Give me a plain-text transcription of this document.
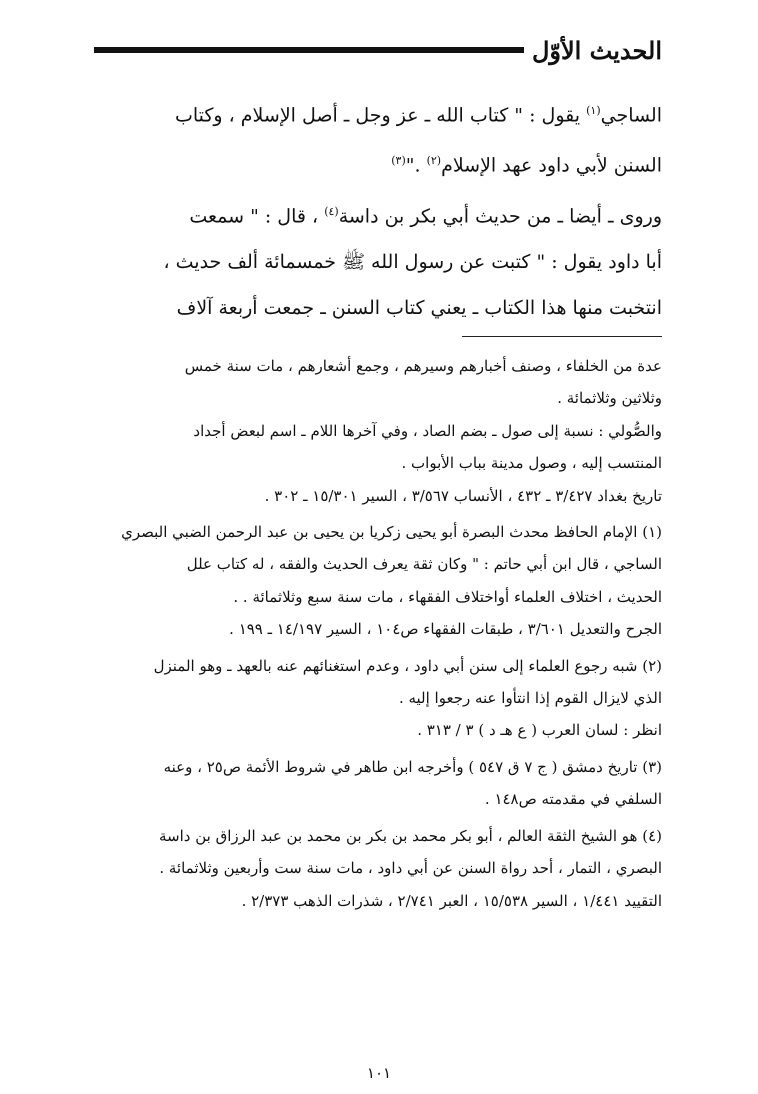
الحديث الأوّل

الساجي$^{(١)}$ يقول : " كتاب الله ـ عز وجل ـ أصل الإسلام ، وكتاب

السنن لأبي داود عهد الإسلام$^{(٢)}$ ."$^{(٣)}$

وروى ـ أيضا ـ من حديث أبي بكر بن داسة$^{(٤)}$ ، قال : " سمعت

أبا داود يقول : " كتبت عن رسول الله ﷺ خمسمائة ألف حديث ،

انتخبت منها هذا الكتاب ـ يعني كتاب السنن ـ جمعت أربعة آلاف

عدة من الخلفاء ، وصنف أخبارهم وسيرهم ، وجمع أشعارهم ، مات سنة خمس

وثلاثين وثلاثمائة .

والصُّولي : نسبة إلى صول ـ بضم الصاد ، وفي آخرها اللام ـ اسم لبعض أجداد

المنتسب إليه ، وصول مدينة بباب الأبواب .

تاريخ بغداد ٣/٤٢٧ ـ ٤٣٢ ، الأنساب ٣/٥٦٧ ، السير ١٥/٣٠١ ـ ٣٠٢ .

(١) الإمام الحافظ محدث البصرة أبو يحيى زكريا بن يحيى بن عبد الرحمن الضبي البصري

الساجي ، قال ابن أبي حاتم : " وكان ثقة يعرف الحديث والفقه ، له كتاب علل

الحديث ، اختلاف العلماء أواختلاف الفقهاء ، مات سنة سبع وثلاثمائة . .

الجرح والتعديل ٣/٦٠١ ، طبقات الفقهاء ص١٠٤ ، السير ١٤/١٩٧ ـ ١٩٩ .

(٢) شبه رجوع العلماء إلى سنن أبي داود ، وعدم استغنائهم عنه بالعهد ـ وهو المنزل

الذي لايزال القوم إذا انتأوا عنه رجعوا إليه .

انظر : لسان العرب ( ع هـ د ) ٣ / ٣١٣ .

(٣) تاريخ دمشق ( ج ٧ ق ٥٤٧ ) وأخرجه ابن طاهر في شروط الأئمة ص٢٥ ، وعنه

السلفي في مقدمته ص١٤٨ .

(٤) هو الشيخ الثقة العالم ، أبو بكر محمد بن بكر بن محمد بن عبد الرزاق بن داسة

البصري ، التمار ، أحد رواة السنن عن أبي داود ، مات سنة ست وأربعين وثلاثمائة .

التقييد ١/٤٤١ ، السير ١٥/٥٣٨ ، العبر ٢/٧٤١ ، شذرات الذهب ٢/٣٧٣ .

١٠١
